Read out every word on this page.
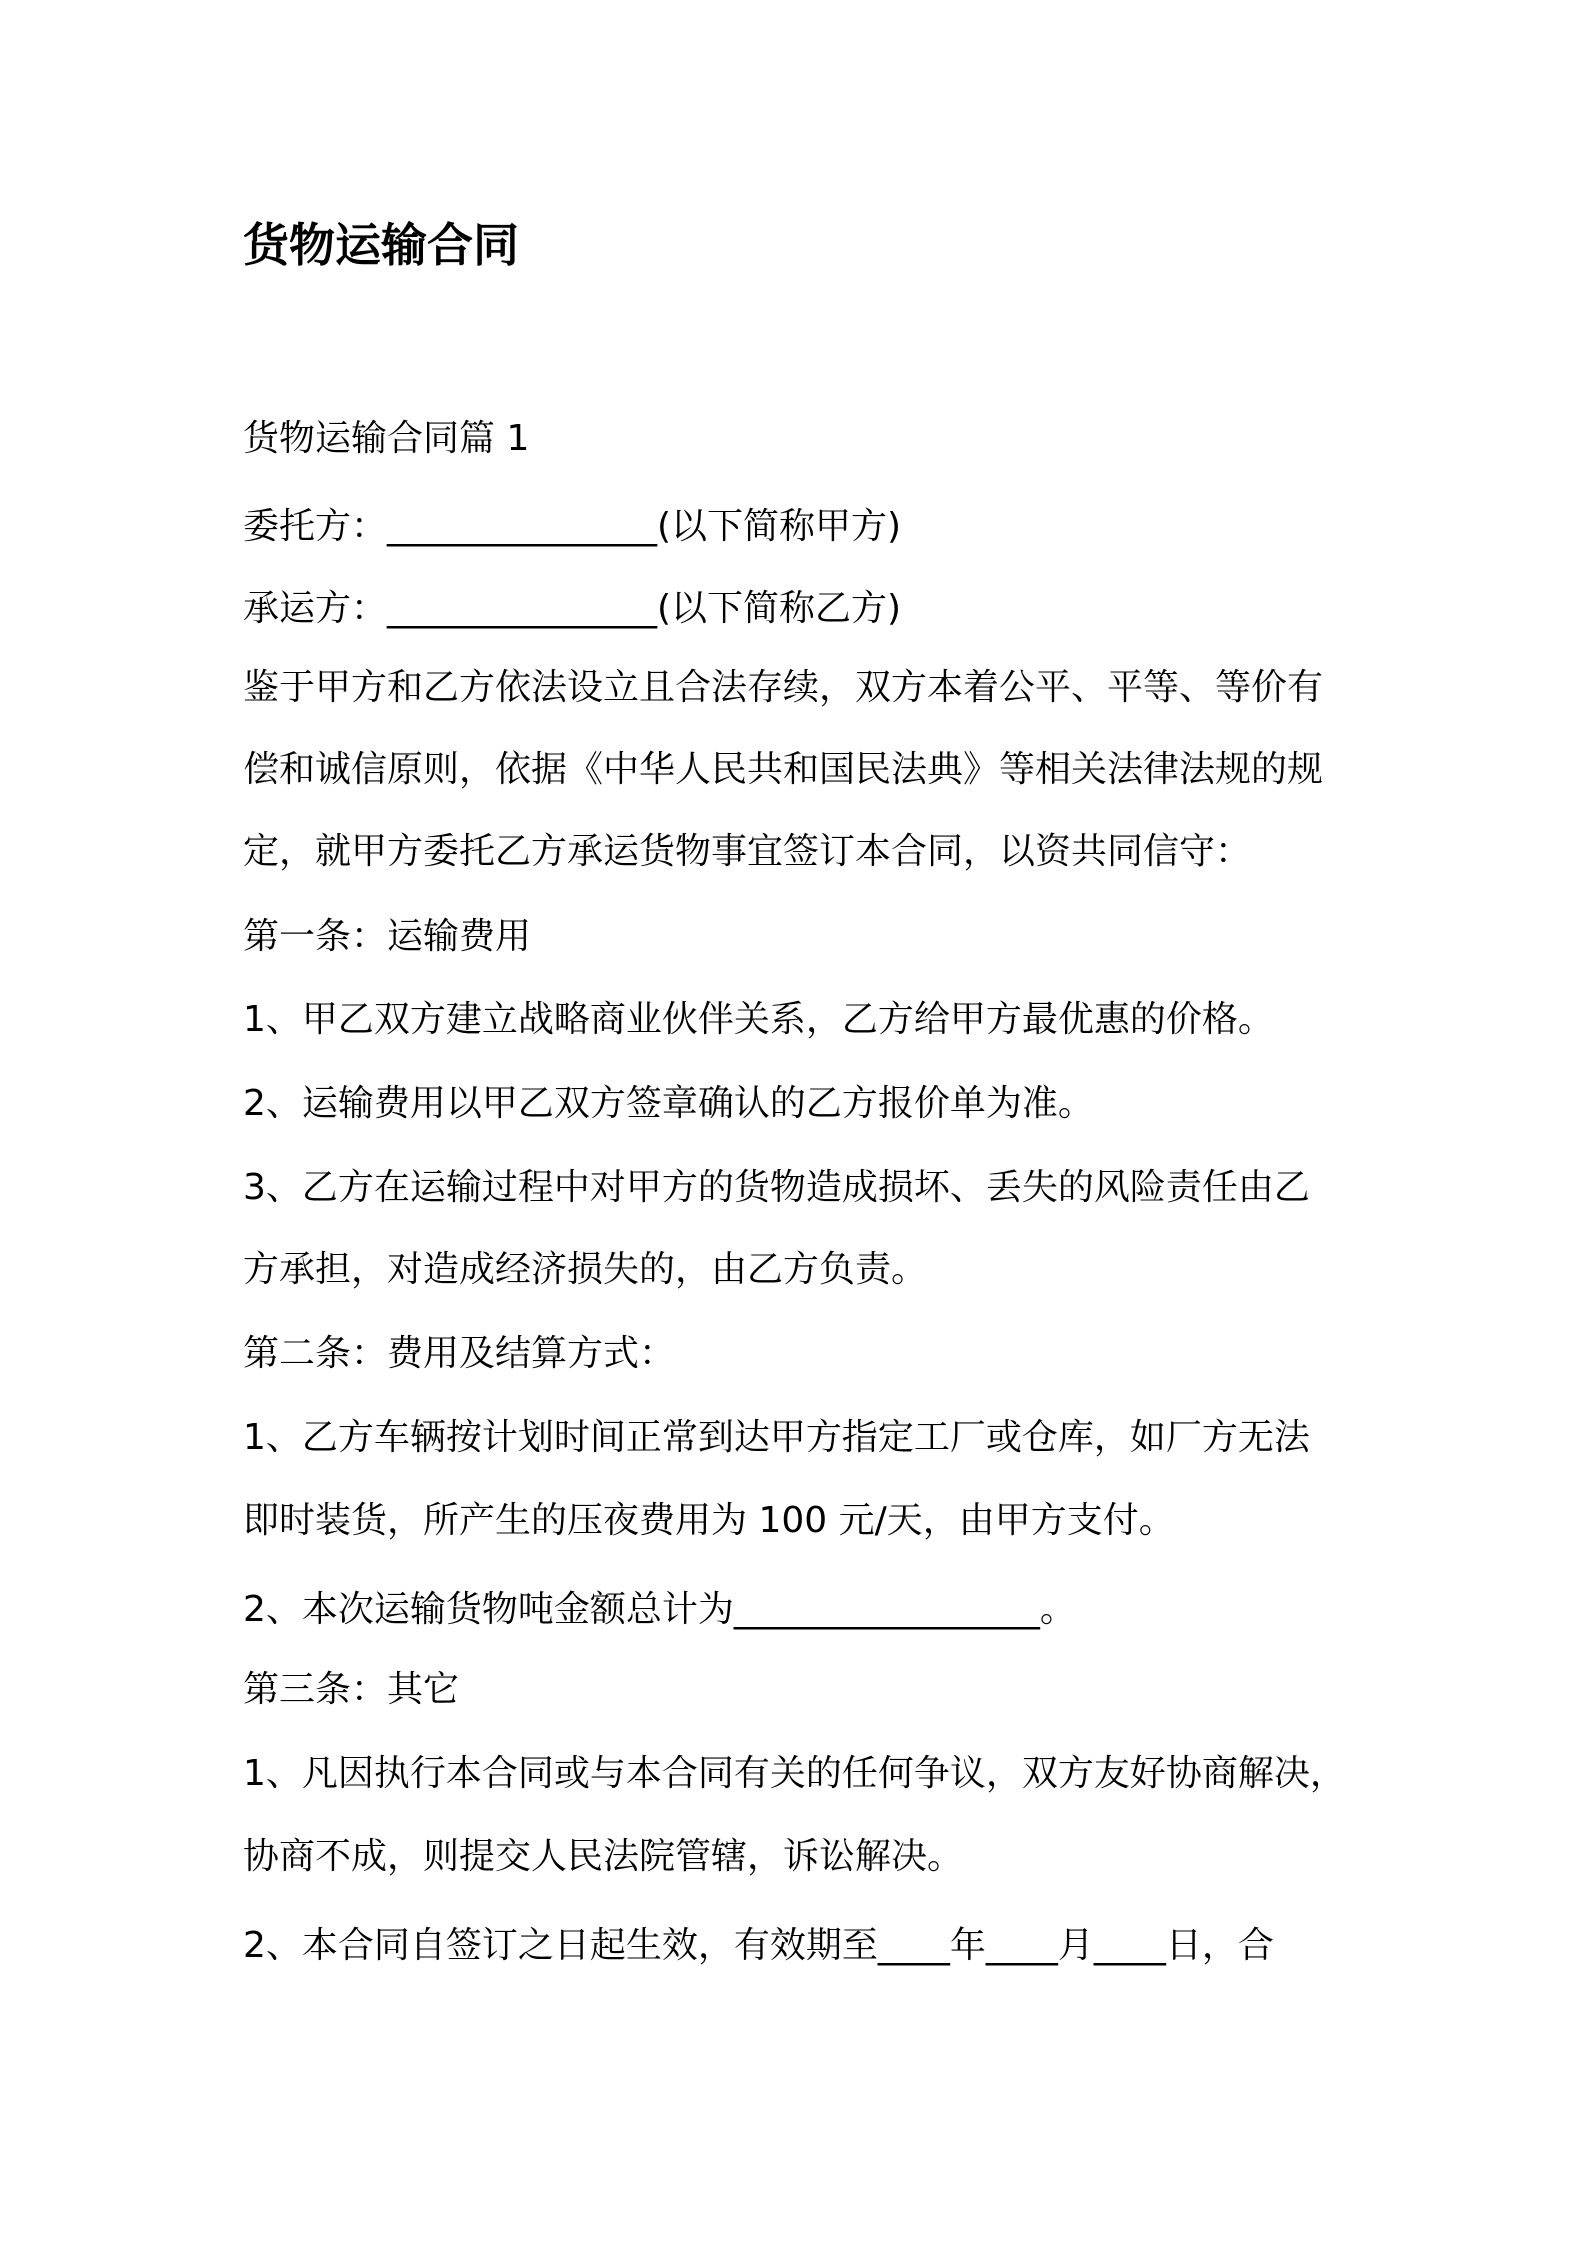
货物运输合同
货物运输合同篇 1
委托方：_______________(以下简称甲方)
承运方：_______________(以下简称乙方)
鉴于甲方和乙方依法设立且合法存续，双方本着公平、平等、等价有
偿和诚信原则，依据《中华人民共和国民法典》等相关法律法规的规
定，就甲方委托乙方承运货物事宜签订本合同，以资共同信守：
第一条：运输费用
1、甲乙双方建立战略商业伙伴关系，乙方给甲方最优惠的价格。
2、运输费用以甲乙双方签章确认的乙方报价单为准。
3、乙方在运输过程中对甲方的货物造成损坏、丢失的风险责任由乙
方承担，对造成经济损失的，由乙方负责。
第二条：费用及结算方式：
1、乙方车辆按计划时间正常到达甲方指定工厂或仓库，如厂方无法
即时装货，所产生的压夜费用为 100 元/天，由甲方支付。
2、本次运输货物吨金额总计为_________________。
第三条：其它
1、凡因执行本合同或与本合同有关的任何争议，双方友好协商解决，
协商不成，则提交人民法院管辖，诉讼解决。
2、本合同自签订之日起生效，有效期至____年____月____日，合
